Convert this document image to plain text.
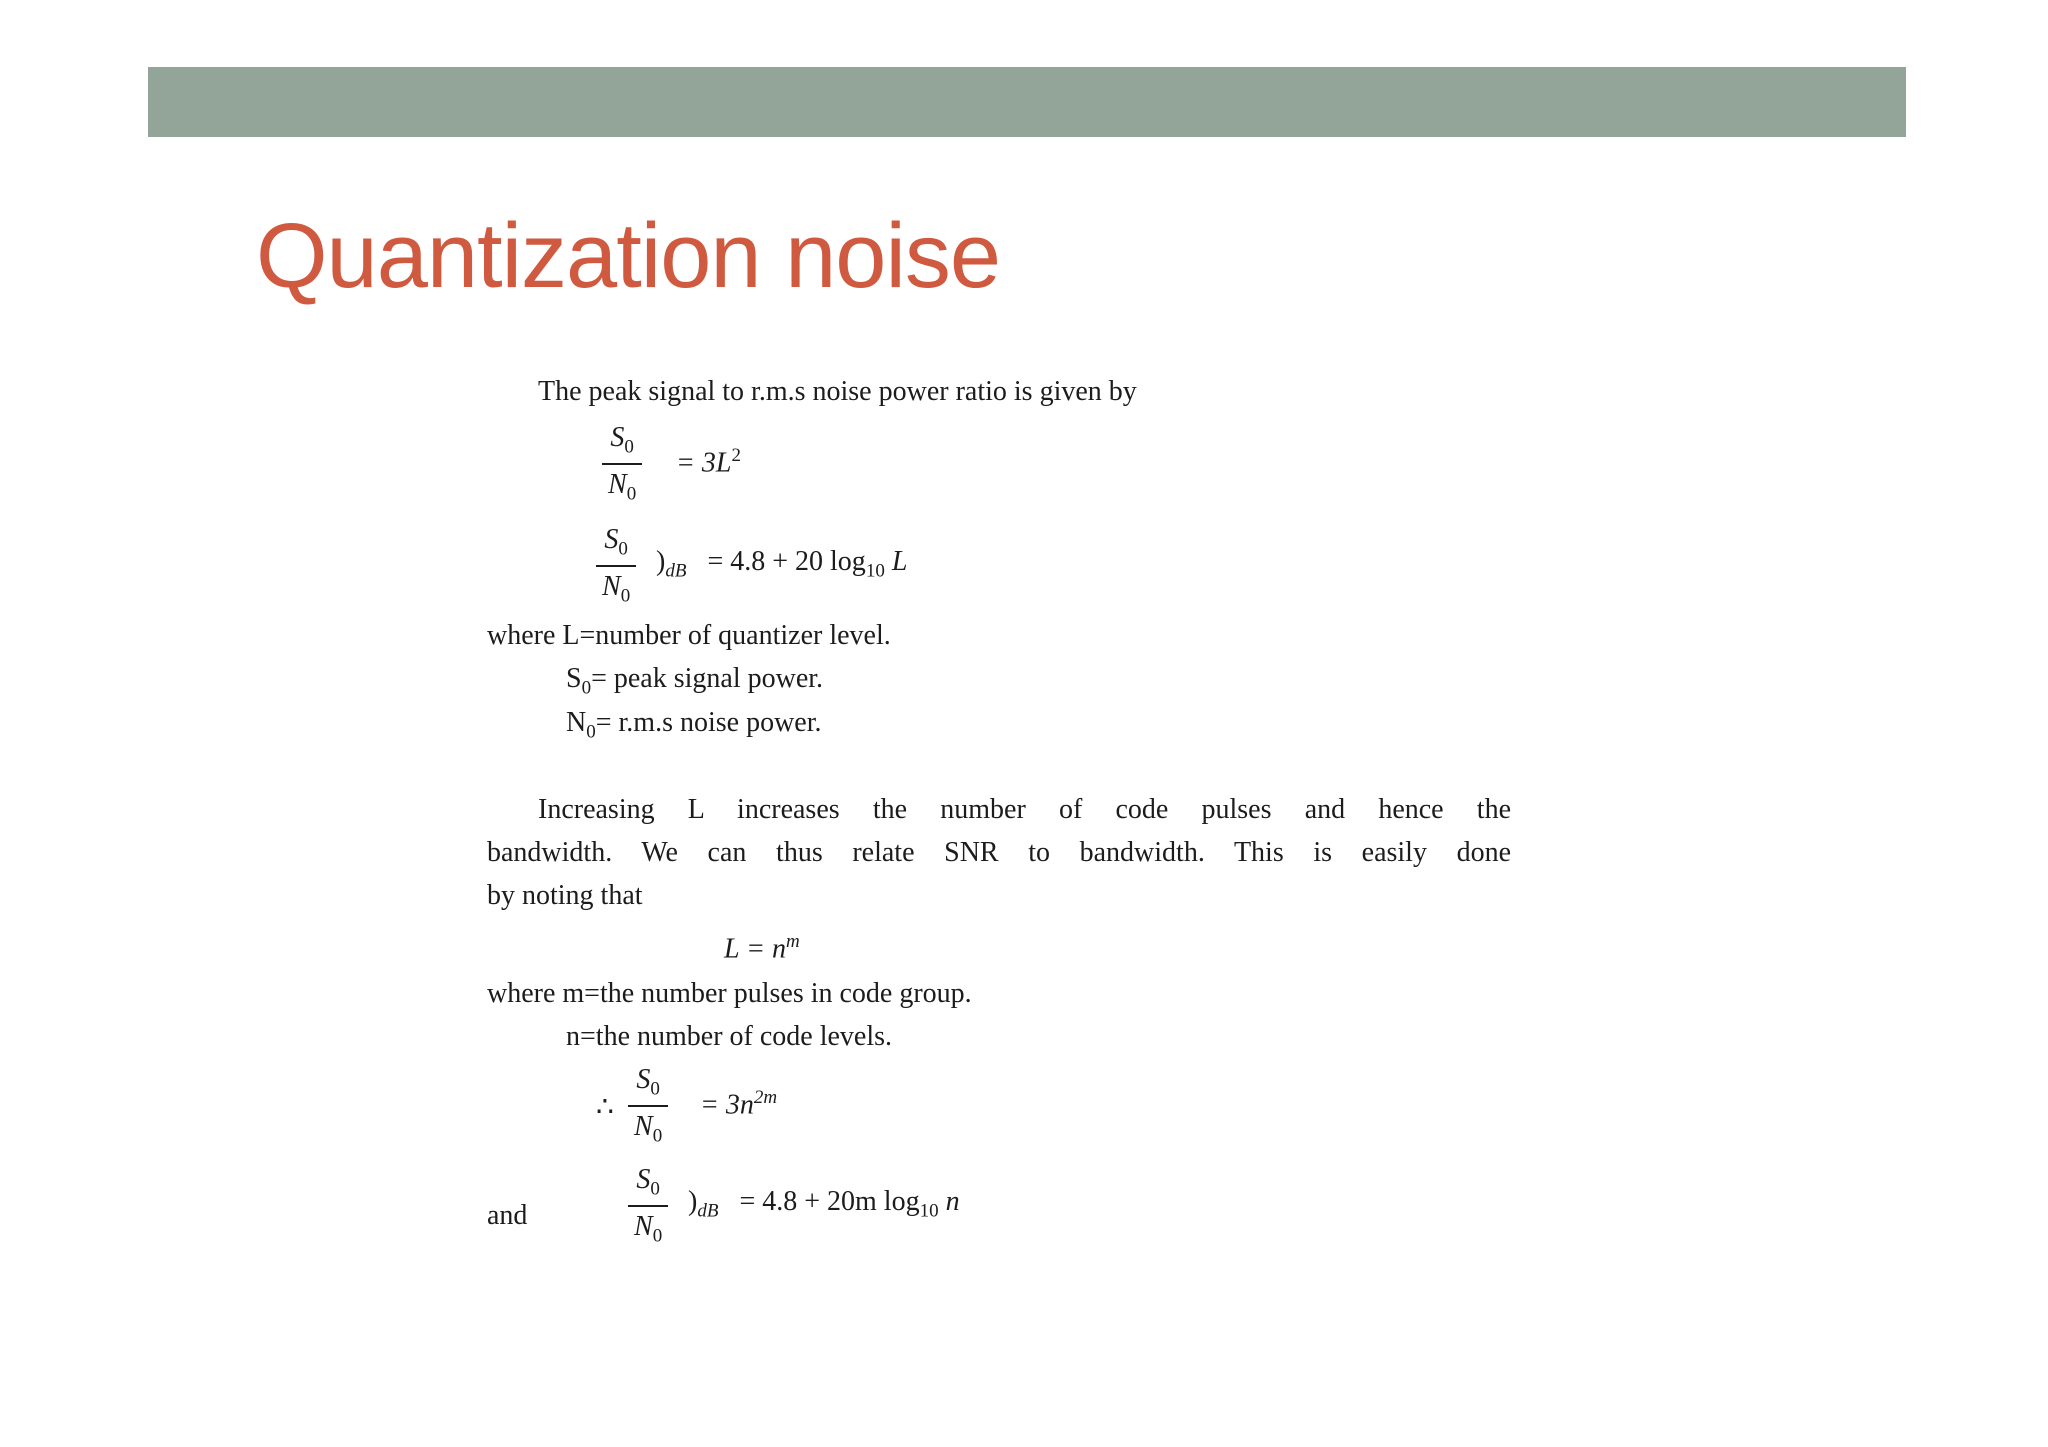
Quantization noise
The peak signal to r.m.s noise power ratio is given by
$S_0$
$N_0$
= $3L^2$
$S_0$
$N_0$
)$_{dB} = 4.8 + 20$ $\log_{10} L$
where L=number of quantizer level.
$S_0=$ peak signal power.
$N_0= r.m.s$ noise power.
Increasing L increases the number of code pulses and hence the
bandwidth. We can thus relate SNR to bandwidth. This is easily done
by noting that
$L = n^m$
where m=the number pulses in code group.
n=the number of code levels.
∴
$S_0$
$N_0$
= $3n^{2m}$
and
$S_0$
$N_0$
)$_{dB} = 4.8 + 20m$ $\log_{10} n$
